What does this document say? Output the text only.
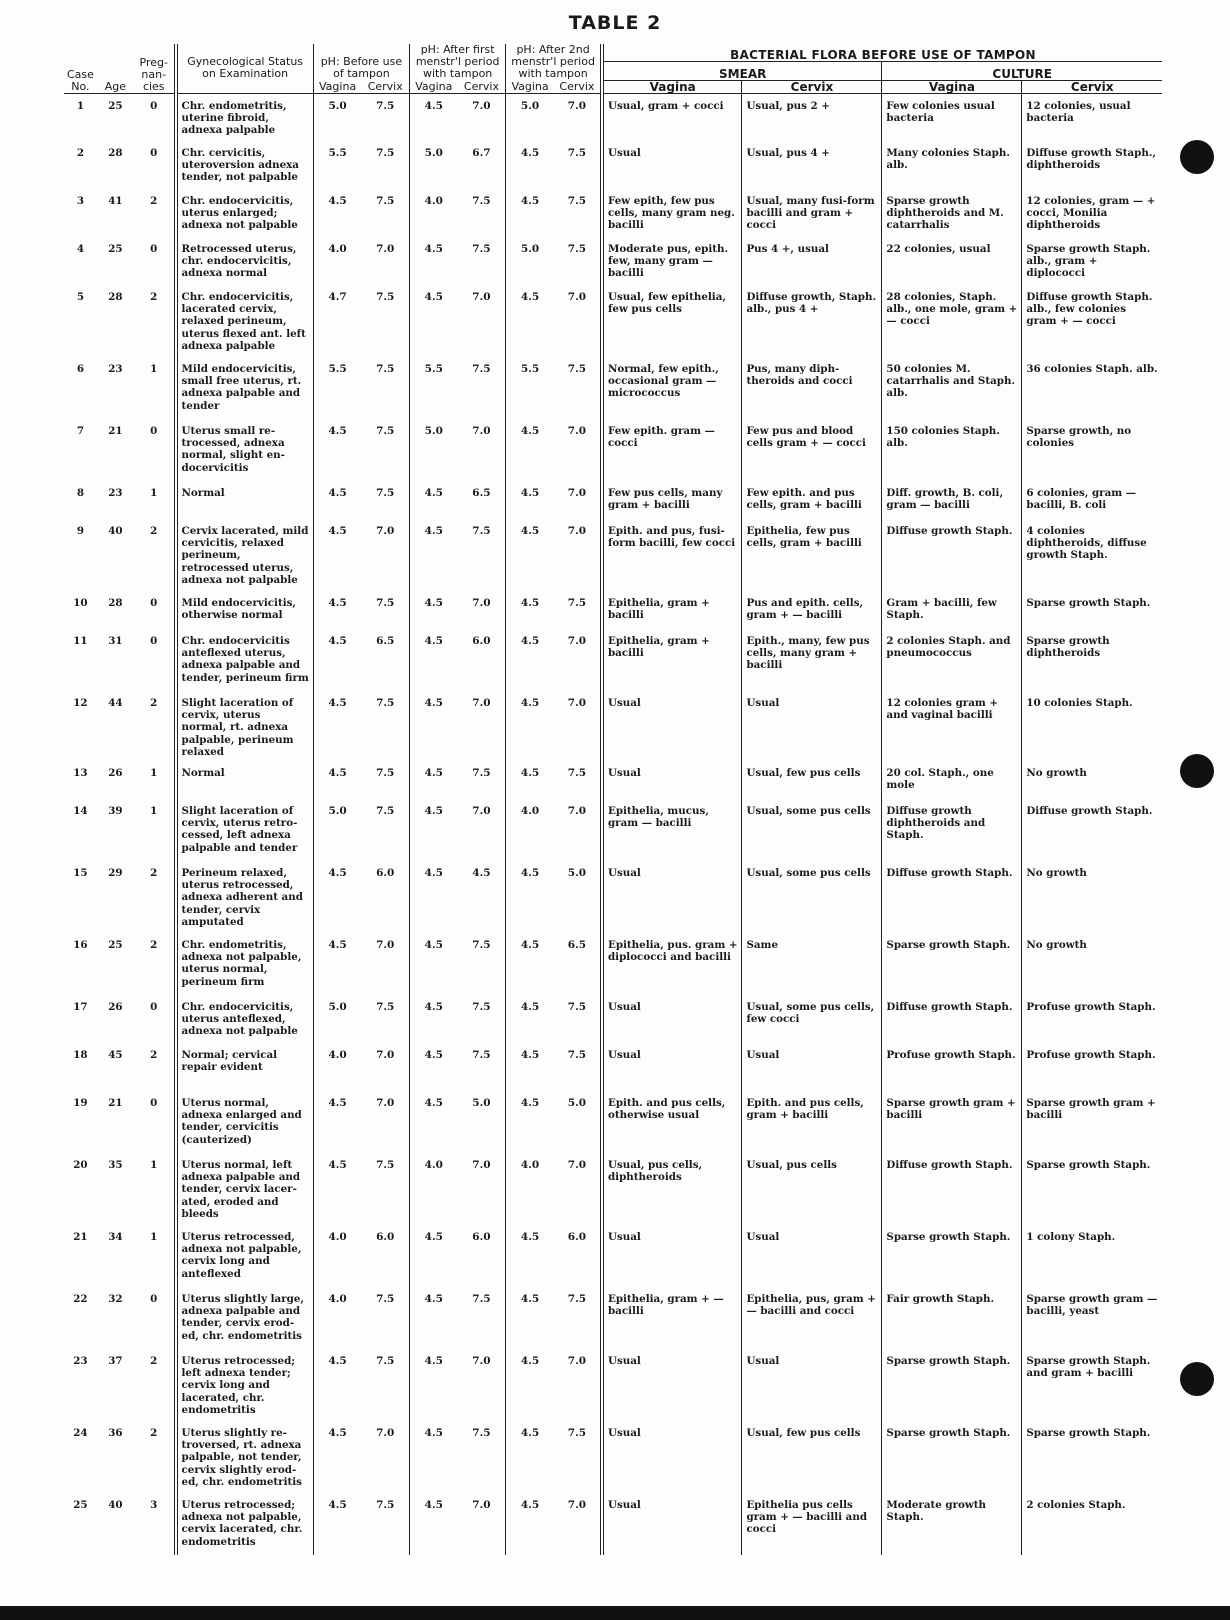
TABLE 2
Case No.	Age	Preg-nan-cies	Gynecological Status on Examination	pH: Before use of tampon		pH: After first menstr'l period with tampon		pH: After 2nd menstr'l period with tampon		BACTERIAL FLORA BEFORE USE OF TAMPON			
										SMEAR		CULTURE	
				Vagina	Cervix	Vagina	Cervix	Vagina	Cervix	Vagina	Cervix	Vagina	Cervix
1	25	0	Chr. endometritis, uterine fibroid, adnexa palpable	5.0	7.5	4.5	7.0	5.0	7.0	Usual, gram + cocci	Usual, pus 2 +	Few colonies usual bacteria	12 colonies, usual bacteria
2	28	0	Chr. cervicitis, uteroversion adnexa tender, not palpable	5.5	7.5	5.0	6.7	4.5	7.5	Usual	Usual, pus 4 +	Many colonies Staph. alb.	Diffuse growth Staph., diphtheroids
3	41	2	Chr. endocervicitis, uterus enlarged; adnexa not palpable	4.5	7.5	4.0	7.5	4.5	7.5	Few epith, few pus cells, many gram neg. bacilli	Usual, many fusi-form bacilli and gram + cocci	Sparse growth diphtheroids and M. catarrhalis	12 colonies, gram — + cocci, Monilia diphtheroids
4	25	0	Retrocessed uterus, chr. endocervicitis, adnexa normal	4.0	7.0	4.5	7.5	5.0	7.5	Moderate pus, epith. few, many gram — bacilli	Pus 4 +, usual	22 colonies, usual	Sparse growth Staph. alb., gram + diplococci
5	28	2	Chr. endocervicitis, lacerated cervix, relaxed perineum, uterus flexed ant. left adnexa palpable	4.7	7.5	4.5	7.0	4.5	7.0	Usual, few epithelia, few pus cells	Diffuse growth, Staph. alb., pus 4 +	28 colonies, Staph. alb., one mole, gram + — cocci	Diffuse growth Staph. alb., few colonies gram + — cocci
6	23	1	Mild endocervicitis, small free uterus, rt. adnexa palpable and tender	5.5	7.5	5.5	7.5	5.5	7.5	Normal, few epith., occasional gram — micrococcus	Pus, many diph-theroids and cocci	50 colonies M. catarrhalis and Staph. alb.	36 colonies Staph. alb.
7	21	0	Uterus small re-trocessed, adnexa normal, slight en-docervicitis	4.5	7.5	5.0	7.0	4.5	7.0	Few epith. gram — cocci	Few pus and blood cells gram + — cocci	150 colonies Staph. alb.	Sparse growth, no colonies
8	23	1	Normal	4.5	7.5	4.5	6.5	4.5	7.0	Few pus cells, many gram + bacilli	Few epith. and pus cells, gram + bacilli	Diff. growth, B. coli, gram — bacilli	6 colonies, gram — bacilli, B. coli
9	40	2	Cervix lacerated, mild cervicitis, relaxed perineum, retrocessed uterus, adnexa not palpable	4.5	7.0	4.5	7.5	4.5	7.0	Epith. and pus, fusi-form bacilli, few cocci	Epithelia, few pus cells, gram + bacilli	Diffuse growth Staph.	4 colonies diphtheroids, diffuse growth Staph.
10	28	0	Mild endocervicitis, otherwise normal	4.5	7.5	4.5	7.0	4.5	7.5	Epithelia, gram + bacilli	Pus and epith. cells, gram + — bacilli	Gram + bacilli, few Staph.	Sparse growth Staph.
11	31	0	Chr. endocervicitis anteflexed uterus, adnexa palpable and tender, perineum firm	4.5	6.5	4.5	6.0	4.5	7.0	Epithelia, gram + bacilli	Epith., many, few pus cells, many gram + bacilli	2 colonies Staph. and pneumococcus	Sparse growth diphtheroids
12	44	2	Slight laceration of cervix, uterus normal, rt. adnexa palpable, perineum relaxed	4.5	7.5	4.5	7.0	4.5	7.0	Usual	Usual	12 colonies gram + and vaginal bacilli	10 colonies Staph.
13	26	1	Normal	4.5	7.5	4.5	7.5	4.5	7.5	Usual	Usual, few pus cells	20 col. Staph., one mole	No growth
14	39	1	Slight laceration of cervix, uterus retro-cessed, left adnexa palpable and tender	5.0	7.5	4.5	7.0	4.0	7.0	Epithelia, mucus, gram — bacilli	Usual, some pus cells	Diffuse growth diphtheroids and Staph.	Diffuse growth Staph.
15	29	2	Perineum relaxed, uterus retrocessed, adnexa adherent and tender, cervix amputated	4.5	6.0	4.5	4.5	4.5	5.0	Usual	Usual, some pus cells	Diffuse growth Staph.	No growth
16	25	2	Chr. endometritis, adnexa not palpable, uterus normal, perineum firm	4.5	7.0	4.5	7.5	4.5	6.5	Epithelia, pus. gram + diplococci and bacilli	Same	Sparse growth Staph.	No growth
17	26	0	Chr. endocervicitis, uterus anteflexed, adnexa not palpable	5.0	7.5	4.5	7.5	4.5	7.5	Usual	Usual, some pus cells, few cocci	Diffuse growth Staph.	Profuse growth Staph.
18	45	2	Normal; cervical repair evident	4.0	7.0	4.5	7.5	4.5	7.5	Usual	Usual	Profuse growth Staph.	Profuse growth Staph.
19	21	0	Uterus normal, adnexa enlarged and tender, cervicitis (cauterized)	4.5	7.0	4.5	5.0	4.5	5.0	Epith. and pus cells, otherwise usual	Epith. and pus cells, gram + bacilli	Sparse growth gram + bacilli	Sparse growth gram + bacilli
20	35	1	Uterus normal, left adnexa palpable and tender, cervix lacer-ated, eroded and bleeds	4.5	7.5	4.0	7.0	4.0	7.0	Usual, pus cells, diphtheroids	Usual, pus cells	Diffuse growth Staph.	Sparse growth Staph.
21	34	1	Uterus retrocessed, adnexa not palpable, cervix long and anteflexed	4.0	6.0	4.5	6.0	4.5	6.0	Usual	Usual	Sparse growth Staph.	1 colony Staph.
22	32	0	Uterus slightly large, adnexa palpable and tender, cervix erod-ed, chr. endometritis	4.0	7.5	4.5	7.5	4.5	7.5	Epithelia, gram + — bacilli	Epithelia, pus, gram + — bacilli and cocci	Fair growth Staph.	Sparse growth gram — bacilli, yeast
23	37	2	Uterus retrocessed; left adnexa tender; cervix long and lacerated, chr. endometritis	4.5	7.5	4.5	7.0	4.5	7.0	Usual	Usual	Sparse growth Staph.	Sparse growth Staph. and gram + bacilli
24	36	2	Uterus slightly re-troversed, rt. adnexa palpable, not tender, cervix slightly erod-ed, chr. endometritis	4.5	7.0	4.5	7.5	4.5	7.5	Usual	Usual, few pus cells	Sparse growth Staph.	Sparse growth Staph.
25	40	3	Uterus retrocessed; adnexa not palpable, cervix lacerated, chr. endometritis	4.5	7.5	4.5	7.0	4.5	7.0	Usual	Epithelia pus cells gram + — bacilli and cocci	Moderate growth Staph.	2 colonies Staph.
